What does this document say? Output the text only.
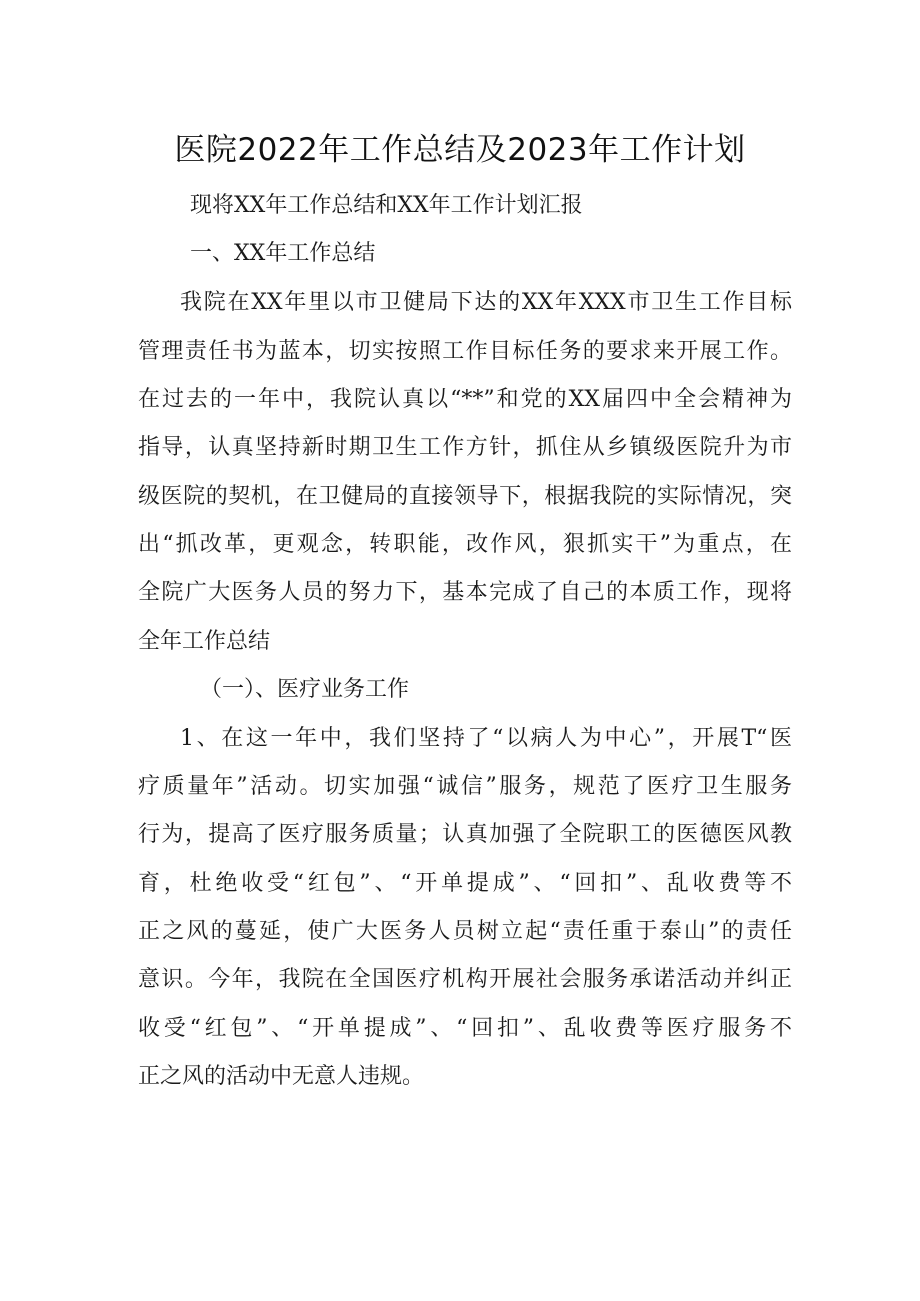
医院2022年工作总结及2023年工作计划
现将XX年工作总结和XX年工作计划汇报
一、XX年工作总结
我院在XX年里以市卫健局下达的XX年XXX市卫生工作目标
管理责任书为蓝本，切实按照工作目标任务的要求来开展工作。
在过去的一年中，我院认真以“**”和党的XX届四中全会精神为
指导，认真坚持新时期卫生工作方针，抓住从乡镇级医院升为市
级医院的契机，在卫健局的直接领导下，根据我院的实际情况，突
出“抓改革，更观念，转职能，改作风，狠抓实干”为重点，在
全院广大医务人员的努力下，基本完成了自己的本质工作，现将
全年工作总结
（一）、医疗业务工作
1、在这一年中，我们坚持了“以病人为中心”，开展T“医
疗质量年”活动。切实加强“诚信”服务，规范了医疗卫生服务
行为，提高了医疗服务质量；认真加强了全院职工的医德医风教
育，杜绝收受“红包”、“开单提成”、“回扣”、乱收费等不
正之风的蔓延，使广大医务人员树立起“责任重于泰山”的责任
意识。今年，我院在全国医疗机构开展社会服务承诺活动并纠正
收受“红包”、“开单提成”、“回扣”、乱收费等医疗服务不
正之风的活动中无意人违规。
